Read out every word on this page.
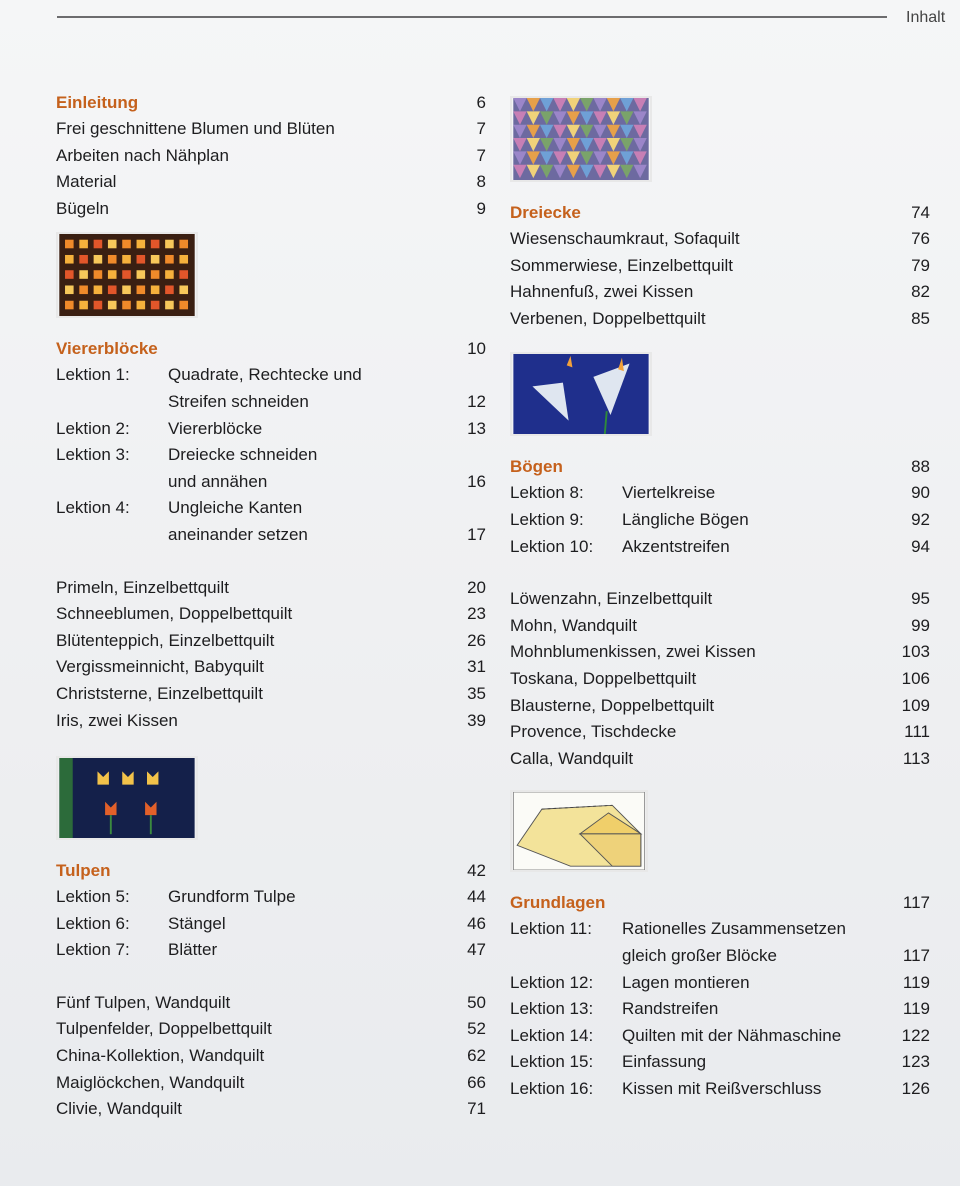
Inhalt
Einleitung	6
Frei geschnittene Blumen und Blüten	7
Arbeiten nach Nähplan	7
Material	8
Bügeln	9
Viererblöcke	10
Lektion 1: Quadrate, Rechtecke und
Streifen schneiden	12
Lektion 2: Viererblöcke	13
Lektion 3: Dreiecke schneiden
und annähen	16
Lektion 4: Ungleiche Kanten
aneinander setzen	17
Primeln, Einzelbettquilt	20
Schneeblumen, Doppelbettquilt	23
Blütenteppich, Einzelbettquilt	26
Vergissmeinnicht, Babyquilt	31
Christsterne, Einzelbettquilt	35
Iris, zwei Kissen	39
Tulpen	42
Lektion 5: Grundform Tulpe	44
Lektion 6: Stängel	46
Lektion 7: Blätter	47
Fünf Tulpen, Wandquilt	50
Tulpenfelder, Doppelbettquilt	52
China-Kollektion, Wandquilt	62
Maiglöckchen, Wandquilt	66
Clivie, Wandquilt	71
Dreiecke	74
Wiesenschaumkraut, Sofaquilt	76
Sommerwiese, Einzelbettquilt	79
Hahnenfuß, zwei Kissen	82
Verbenen, Doppelbettquilt	85
Bögen	88
Lektion 8: Viertelkreise	90
Lektion 9: Längliche Bögen	92
Lektion 10: Akzentstreifen	94
Löwenzahn, Einzelbettquilt	95
Mohn, Wandquilt	99
Mohnblumenkissen, zwei Kissen	103
Toskana, Doppelbettquilt	106
Blausterne, Doppelbettquilt	109
Provence, Tischdecke	111
Calla, Wandquilt	113
Grundlagen	117
Lektion 11: Rationelles Zusammensetzen
gleich großer Blöcke	117
Lektion 12: Lagen montieren	119
Lektion 13: Randstreifen	119
Lektion 14: Quilten mit der Nähmaschine	122
Lektion 15: Einfassung	123
Lektion 16: Kissen mit Reißverschluss	126
